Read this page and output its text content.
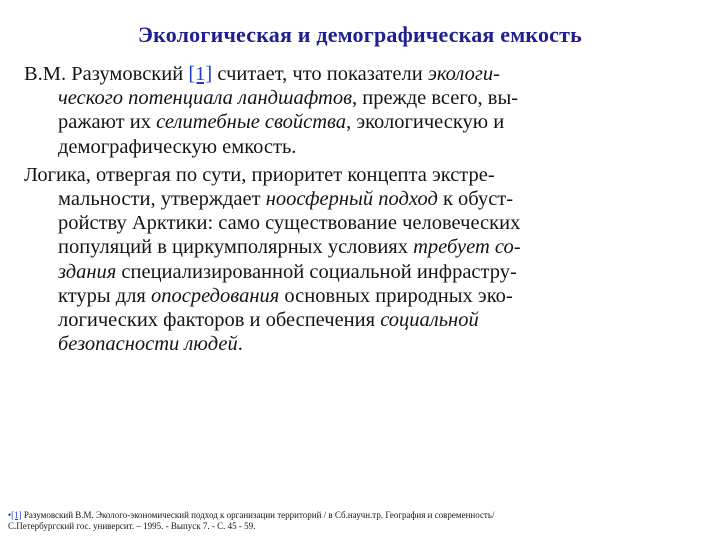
Экологическая и демографическая емкость
В.М. Разумовский [1] считает, что показатели экологи-
ческого потенциала ландшафтов, прежде всего, вы-
ражают их селитебные свойства, экологическую и
демографическую емкость.
Логика, отвергая по сути, приоритет концепта экстре-
мальности, утверждает ноосферный подход к обуст-
ройству Арктики: само существование человеческих
популяций в циркумполярных условиях требует со-
здания специализированной социальной инфрастру-
ктуры для опосредования основных природных эко-
логических факторов и обеспечения социальной
безопасности людей.
•[1] Разумовский В.М. Эколого-экономический подход к организации территорий / в Сб.научн.тр. География и современность/
С.Петербургский гос. университ. – 1995. - Выпуск 7. - С. 45 - 59.
